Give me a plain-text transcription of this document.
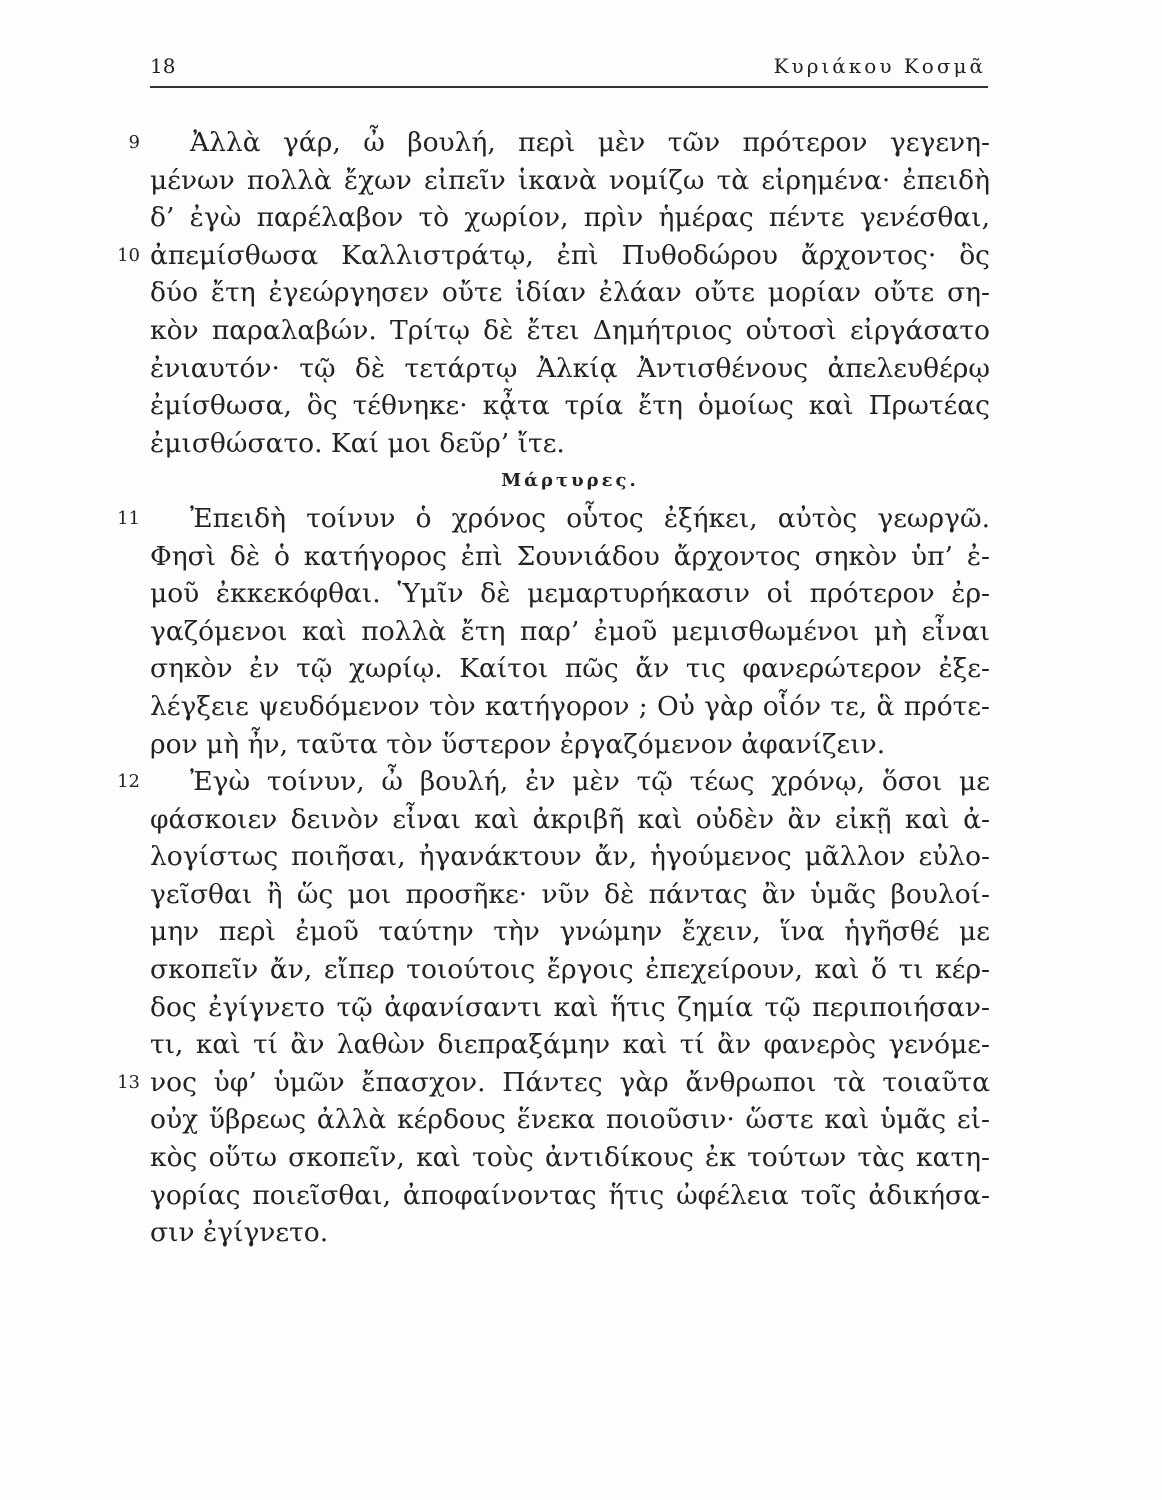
18	Κυριάκου Κοσμᾶ
9	Ἀλλὰ γάρ, ὦ βουλή, περὶ μὲν τῶν πρότερον γεγενη-
μένων πολλὰ ἔχων εἰπεῖν ἱκανὰ νομίζω τὰ εἰρημένα· ἐπειδὴ
δ’ ἐγὼ παρέλαβον τὸ χωρίον, πρὶν ἡμέρας πέντε γενέσθαι,
10 ἀπεμίσθωσα Καλλιστράτῳ, ἐπὶ Πυθοδώρου ἄρχοντος· ὃς
δύο ἔτη ἐγεώργησεν οὔτε ἰδίαν ἐλάαν οὔτε μορίαν οὔτε ση-
κὸν παραλαβών. Τρίτῳ δὲ ἔτει Δημήτριος οὑτοσὶ εἰργάσατο
ἐνιαυτόν· τῷ δὲ τετάρτῳ Ἀλκίᾳ Ἀντισθένους ἀπελευθέρῳ
ἐμίσθωσα, ὃς τέθνηκε· κᾆτα τρία ἔτη ὁμοίως καὶ Πρωτέας
ἐμισθώσατο. Καί μοι δεῦρ’ ἴτε.
Μάρτυρες.
11	Ἐπειδὴ τοίνυν ὁ χρόνος οὗτος ἐξήκει, αὐτὸς γεωργῶ.
Φησὶ δὲ ὁ κατήγορος ἐπὶ Σουνιάδου ἄρχοντος σηκὸν ὑπ’ ἐ-
μοῦ ἐκκεκόφθαι. Ὑμῖν δὲ μεμαρτυρήκασιν οἱ πρότερον ἐρ-
γαζόμενοι καὶ πολλὰ ἔτη παρ’ ἐμοῦ μεμισθωμένοι μὴ εἶναι
σηκὸν ἐν τῷ χωρίῳ. Καίτοι πῶς ἄν τις φανερώτερον ἐξε-
λέγξειε ψευδόμενον τὸν κατήγορον ; Οὐ γὰρ οἷόν τε, ἃ πρότε-
ρον μὴ ἦν, ταῦτα τὸν ὕστερον ἐργαζόμενον ἀφανίζειν.
12	Ἐγὼ τοίνυν, ὦ βουλή, ἐν μὲν τῷ τέως χρόνῳ, ὅσοι με
φάσκοιεν δεινὸν εἶναι καὶ ἀκριβῆ καὶ οὐδὲν ἂν εἰκῇ καὶ ἀ-
λογίστως ποιῆσαι, ἠγανάκτουν ἄν, ἡγούμενος μᾶλλον εὐλο-
γεῖσθαι ἢ ὥς μοι προσῆκε· νῦν δὲ πάντας ἂν ὑμᾶς βουλοί-
μην περὶ ἐμοῦ ταύτην τὴν γνώμην ἔχειν, ἵνα ἡγῆσθέ με
σκοπεῖν ἄν, εἴπερ τοιούτοις ἔργοις ἐπεχείρουν, καὶ ὅ τι κέρ-
δος ἐγίγνετο τῷ ἀφανίσαντι καὶ ἥτις ζημία τῷ περιποιήσαν-
τι, καὶ τί ἂν λαθὼν διεπραξάμην καὶ τί ἂν φανερὸς γενόμε-
13 νος ὑφ’ ὑμῶν ἔπασχον. Πάντες γὰρ ἄνθρωποι τὰ τοιαῦτα
οὐχ ὕβρεως ἀλλὰ κέρδους ἕνεκα ποιοῦσιν· ὥστε καὶ ὑμᾶς εἰ-
κὸς οὕτω σκοπεῖν, καὶ τοὺς ἀντιδίκους ἐκ τούτων τὰς κατη-
γορίας ποιεῖσθαι, ἀποφαίνοντας ἥτις ὠφέλεια τοῖς ἀδικήσα-
σιν ἐγίγνετο.
